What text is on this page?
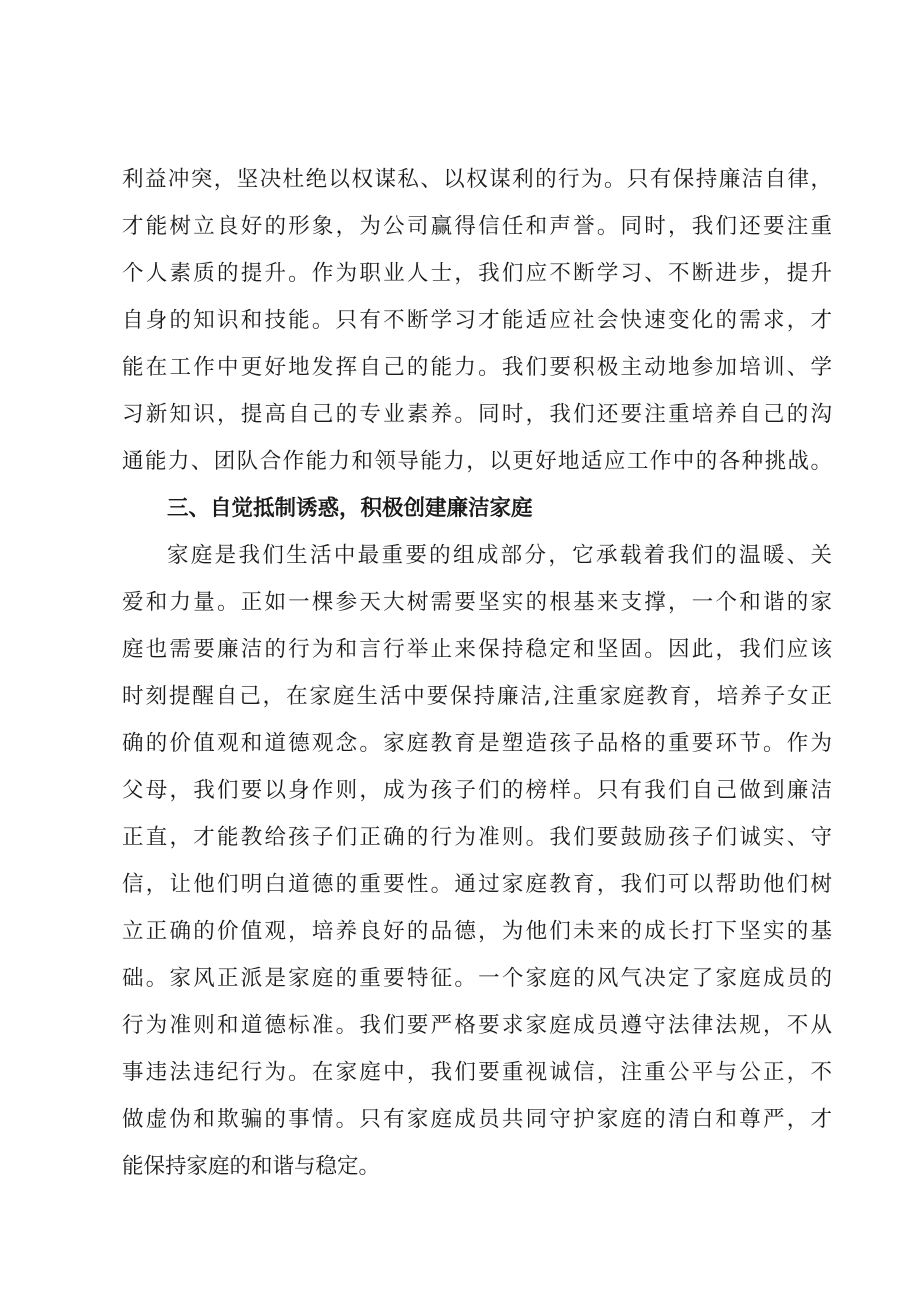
利益冲突，坚决杜绝以权谋私、以权谋利的行为。只有保持廉洁自律，
才能树立良好的形象，为公司赢得信任和声誉。同时，我们还要注重
个人素质的提升。作为职业人士，我们应不断学习、不断进步，提升
自身的知识和技能。只有不断学习才能适应社会快速变化的需求，才
能在工作中更好地发挥自己的能力。我们要积极主动地参加培训、学
习新知识，提高自己的专业素养。同时，我们还要注重培养自己的沟
通能力、团队合作能力和领导能力，以更好地适应工作中的各种挑战。
三、自觉抵制诱惑，积极创建廉洁家庭
家庭是我们生活中最重要的组成部分，它承载着我们的温暖、关
爱和力量。正如一棵参天大树需要坚实的根基来支撑，一个和谐的家
庭也需要廉洁的行为和言行举止来保持稳定和坚固。因此，我们应该
时刻提醒自己，在家庭生活中要保持廉洁,注重家庭教育，培养子女正
确的价值观和道德观念。家庭教育是塑造孩子品格的重要环节。作为
父母，我们要以身作则，成为孩子们的榜样。只有我们自己做到廉洁
正直，才能教给孩子们正确的行为准则。我们要鼓励孩子们诚实、守
信，让他们明白道德的重要性。通过家庭教育，我们可以帮助他们树
立正确的价值观，培养良好的品德，为他们未来的成长打下坚实的基
础。家风正派是家庭的重要特征。一个家庭的风气决定了家庭成员的
行为准则和道德标准。我们要严格要求家庭成员遵守法律法规，不从
事违法违纪行为。在家庭中，我们要重视诚信，注重公平与公正，不
做虚伪和欺骗的事情。只有家庭成员共同守护家庭的清白和尊严，才
能保持家庭的和谐与稳定。
